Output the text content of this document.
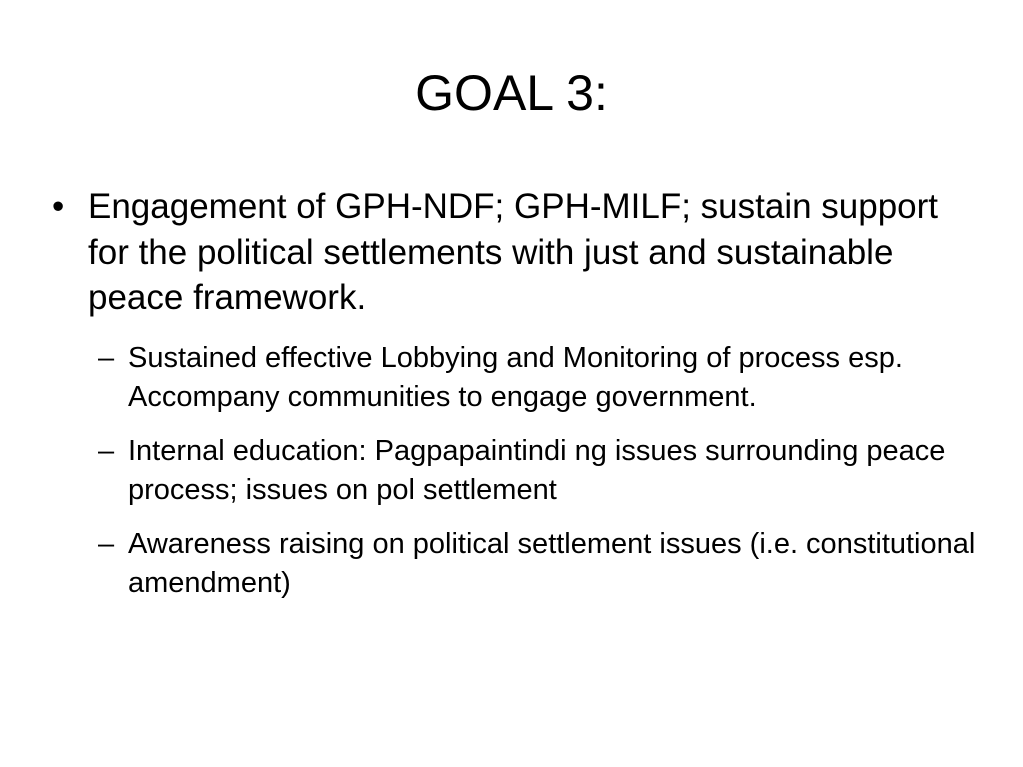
GOAL 3:
• Engagement of GPH-NDF; GPH-MILF; sustain support for the political settlements with just and sustainable peace framework.
– Sustained effective Lobbying and Monitoring of process esp. Accompany communities to engage government.
– Internal education: Pagpapaintindi ng issues surrounding peace process; issues on pol settlement
– Awareness raising on political settlement issues (i.e. constitutional amendment)
